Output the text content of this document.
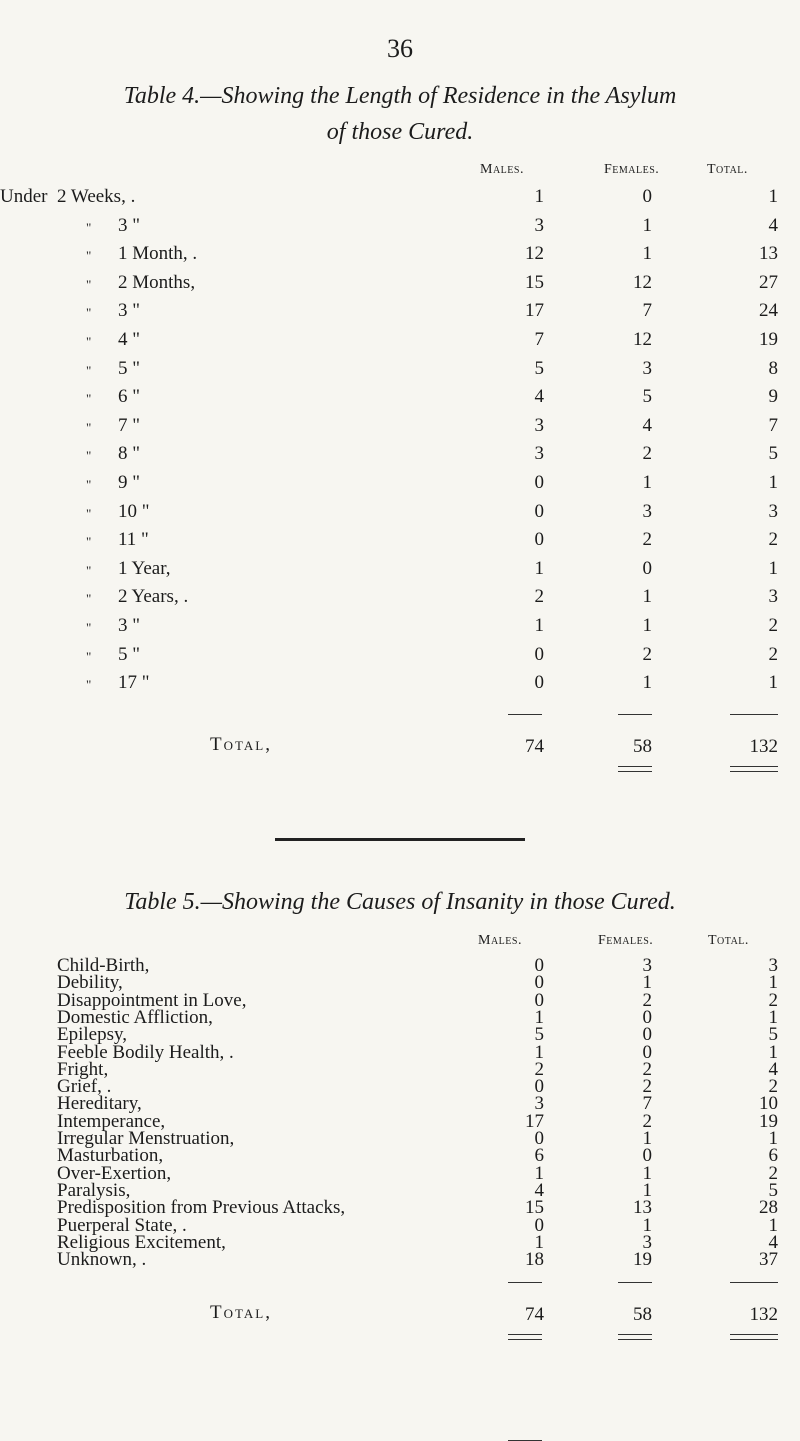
36
Table 4.—Showing the Length of Residence in the Asylum
of those Cured.
Males.	Females.	Total.
Under 2 Weeks, .	1	0	1
" 3 "	3	1	4
" 1 Month, .	12	1	13
" 2 Months,	15	12	27
" 3 "	17	7	24
" 4 "	7	12	19
" 5 "	5	3	8
" 6 "	4	5	9
" 7 "	3	4	7
" 8 "	3	2	5
" 9 "	0	1	1
" 10 "	0	3	3
" 11 "	0	2	2
" 1 Year,	1	0	1
" 2 Years, .	2	1	3
" 3 "	1	1	2
" 5 "	0	2	2
" 17 "	0	1	1
Total,	74	58	132
Table 5.—Showing the Causes of Insanity in those Cured.
Males.	Females.	Total.
Child-Birth,	0	3	3
Debility,	0	1	1
Disappointment in Love,	0	2	2
Domestic Affliction,	1	0	1
Epilepsy,	5	0	5
Feeble Bodily Health, .	1	0	1
Fright,	2	2	4
Grief, .	0	2	2
Hereditary,	3	7	10
Intemperance,	17	2	19
Irregular Menstruation,	0	1	1
Masturbation,	6	0	6
Over-Exertion,	1	1	2
Paralysis,	4	1	5
Predisposition from Previous Attacks,	15	13	28
Puerperal State, .	0	1	1
Religious Excitement,	1	3	4
Unknown, .	18	19	37
Total,	74	58	132
